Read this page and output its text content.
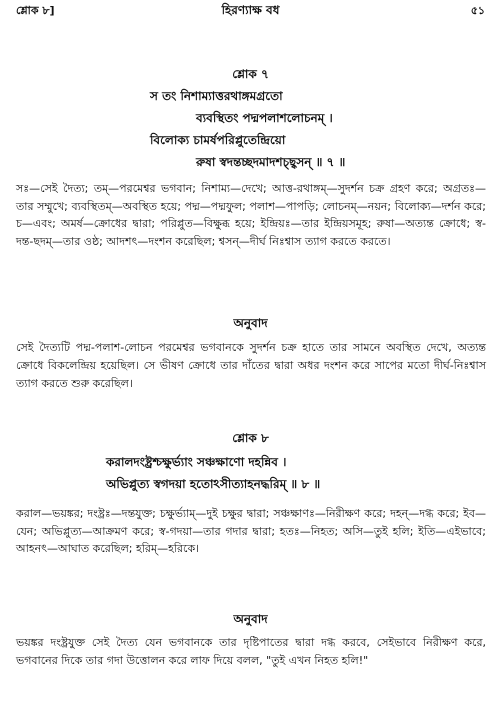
শ্লোক ৮]	হিরণ্যাক্ষ বধ	৫১
শ্লোক ৭
স তং নিশাম্যাত্তরথাঙ্গমগ্রতো
ব্যবস্থিতং পদ্মপলাশলোচনম্ ।
বিলোক্য চামর্ষপরিপ্লুতেন্দ্রিয়ো
রুষা স্বদন্তচ্ছদমাদশচ্ছ্বসন্ ॥ ৭ ॥
সঃ—সেই দৈত্য; তম্—পরমেশ্বর ভগবান; নিশাম্য—দেখে; আত্ত-রথাঙ্গম্—সুদর্শন চক্র গ্রহণ করে; অগ্রতঃ—তার সম্মুখে; ব্যবস্থিতম্—অবস্থিত হয়ে; পদ্ম—পদ্মফুল; পলাশ—পাপড়ি; লোচনম্—নয়ন; বিলোক্য—দর্শন করে; চ—এবং; অমর্ষ—ক্রোধের দ্বারা; পরিপ্লুত—বিক্ষুব্ধ হয়ে; ইন্দ্রিয়ঃ—তার ইন্দ্রিয়সমূহ; রুষা—অত্যন্ত ক্রোধে; স্ব-দন্ত-ছদম্—তার ওষ্ঠ; আদশৎ—দংশন করেছিল; শ্বসন্—দীর্ঘ নিঃশ্বাস ত্যাগ করতে করতে।
অনুবাদ
সেই দৈত্যটি পদ্ম-পলাশ-লোচন পরমেশ্বর ভগবানকে সুদর্শন চক্র হাতে তার সামনে অবস্থিত দেখে, অত্যন্ত ক্রোধে বিকলেন্দ্রিয় হয়েছিল। সে ভীষণ ক্রোধে তার দাঁতের দ্বারা অধর দংশন করে সাপের মতো দীর্ঘ-নিঃশ্বাস ত্যাগ করতে শুরু করেছিল।
শ্লোক ৮
করালদংষ্ট্রশ্চক্ষুর্ভ্যাং সঞ্চক্ষাণো দহন্নিব ।
অভিপ্লুত্য স্বগদয়া হতোঽসীত্যাহনদ্ধরিম্ ॥ ৮ ॥
করাল—ভয়ঙ্কর; দংষ্ট্রঃ—দন্তযুক্ত; চক্ষুর্ভ্যাম্—দুই চক্ষুর দ্বারা; সঞ্চক্ষাণঃ—নিরীক্ষণ করে; দহন্—দগ্ধ করে; ইব—যেন; অভিপ্লুত্য—আক্রমণ করে; স্ব-গদয়া—তার গদার দ্বারা; হতঃ—নিহত; অসি—তুই হলি; ইতি—এইভাবে; আহনৎ—আঘাত করেছিল; হরিম্—হরিকে।
অনুবাদ
ভয়ঙ্কর দংষ্ট্রযুক্ত সেই দৈত্য যেন ভগবানকে তার দৃষ্টিপাতের দ্বারা দগ্ধ করবে, সেইভাবে নিরীক্ষণ করে, ভগবানের দিকে তার গদা উত্তোলন করে লাফ দিয়ে বলল, "তুই এখন নিহত হলি!"
